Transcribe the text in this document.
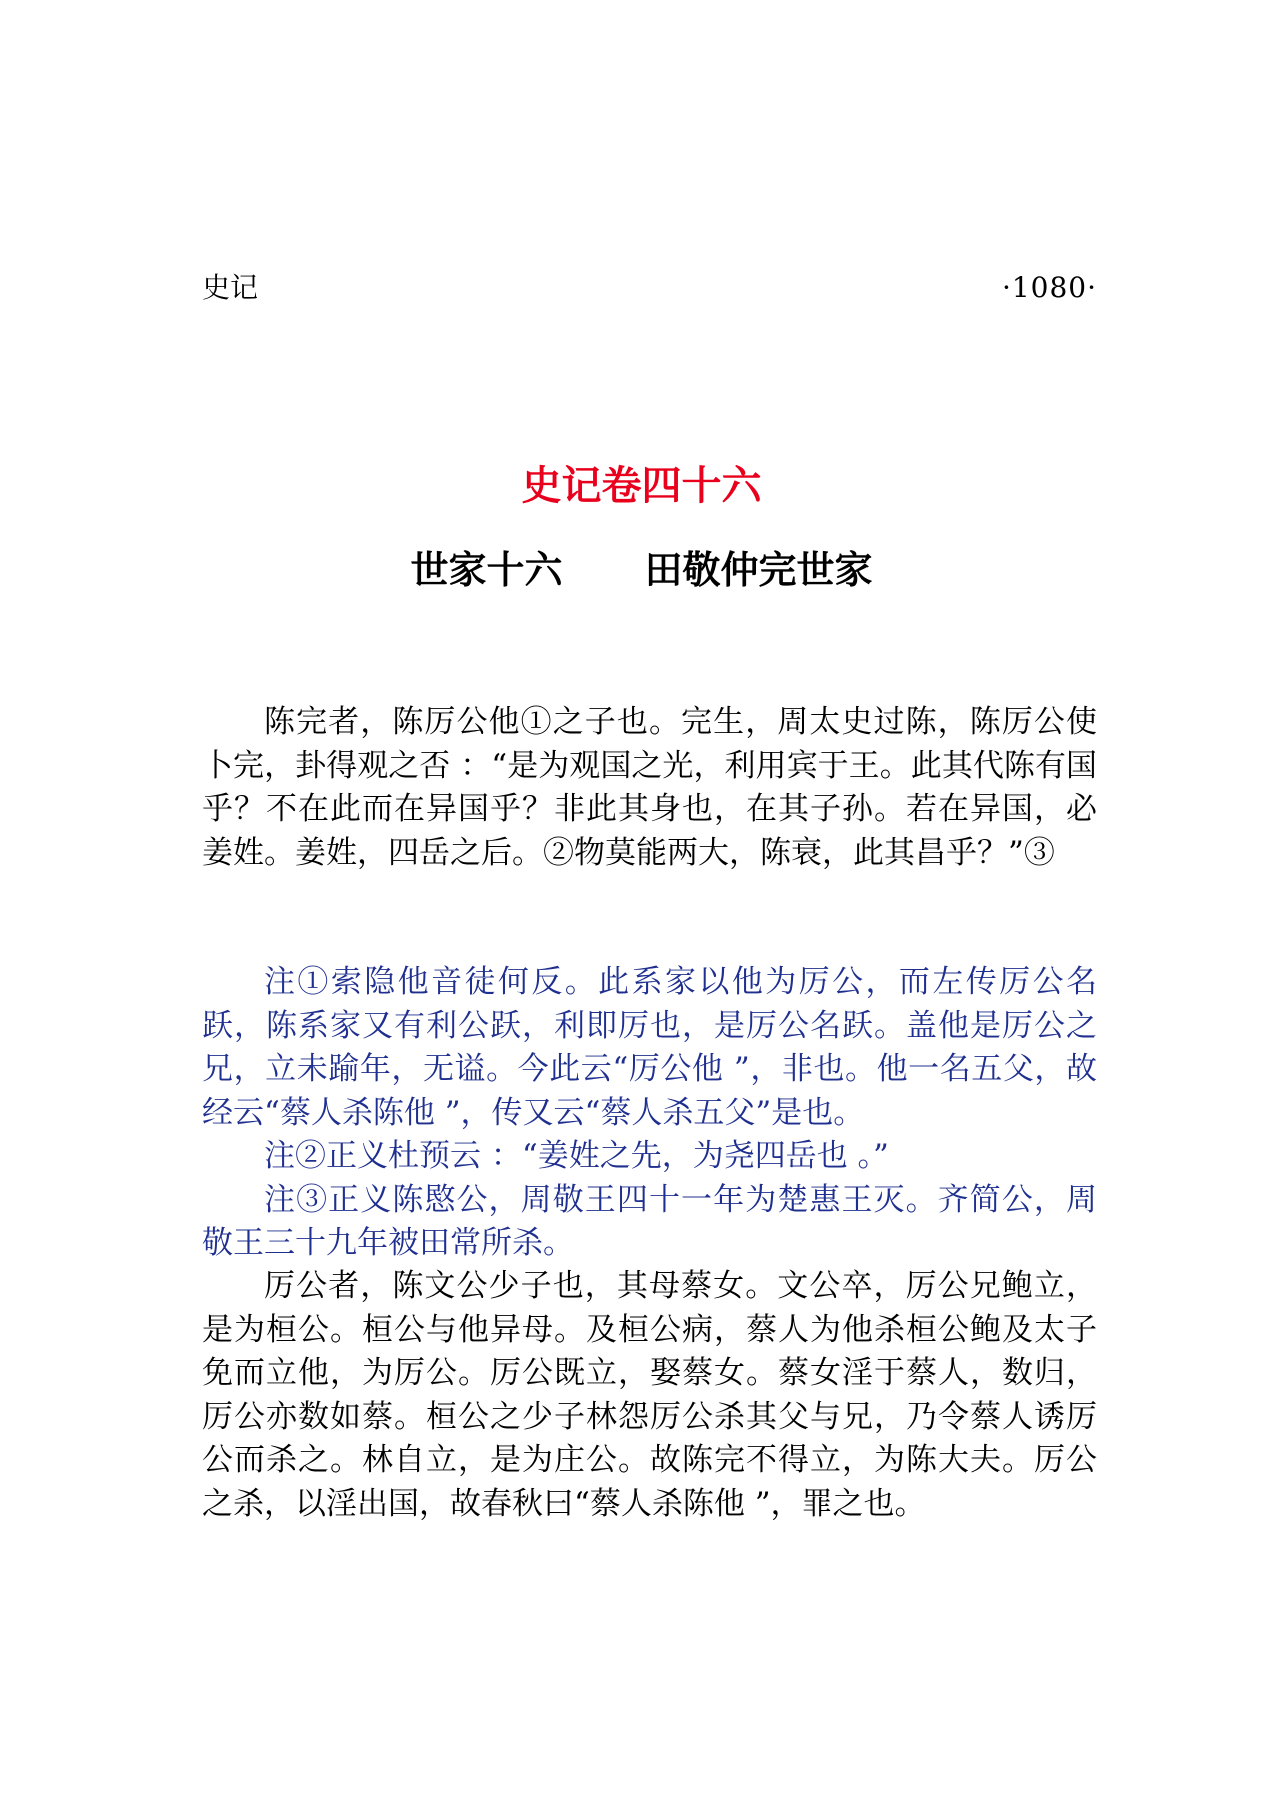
史记	·1080·
史记卷四十六
世家十六 田敬仲完世家

陈完者，陈厉公他①之子也。完生，周太史过陈，陈厉公使卜完，卦得观之否 ：“是为观国之光，利用宾于王。此其代陈有国乎？不在此而在异国乎？非此其身也，在其子孙。若在异国，必姜姓。姜姓，四岳之后。②物莫能两大，陈衰，此其昌乎？”③

注①索隐他音徒何反。此系家以他为厉公，而左传厉公名跃，陈系家又有利公跃，利即厉也，是厉公名跃。盖他是厉公之兄，立未踰年，无谥。今此云“厉公他 ”，非也。他一名五父，故经云“蔡人杀陈他 ”，传又云“蔡人杀五父”是也。

注②正义杜预云 ：“姜姓之先，为尧四岳也 。”

注③正义陈愍公，周敬王四十一年为楚惠王灭。齐简公，周敬王三十九年被田常所杀。

厉公者，陈文公少子也，其母蔡女。文公卒，厉公兄鲍立，是为桓公。桓公与他异母。及桓公病，蔡人为他杀桓公鲍及太子免而立他，为厉公。厉公既立，娶蔡女。蔡女淫于蔡人，数归，厉公亦数如蔡。桓公之少子林怨厉公杀其父与兄，乃令蔡人诱厉公而杀之。林自立，是为庄公。故陈完不得立，为陈大夫。厉公之杀，以淫出国，故春秋曰“蔡人杀陈他 ”，罪之也。
